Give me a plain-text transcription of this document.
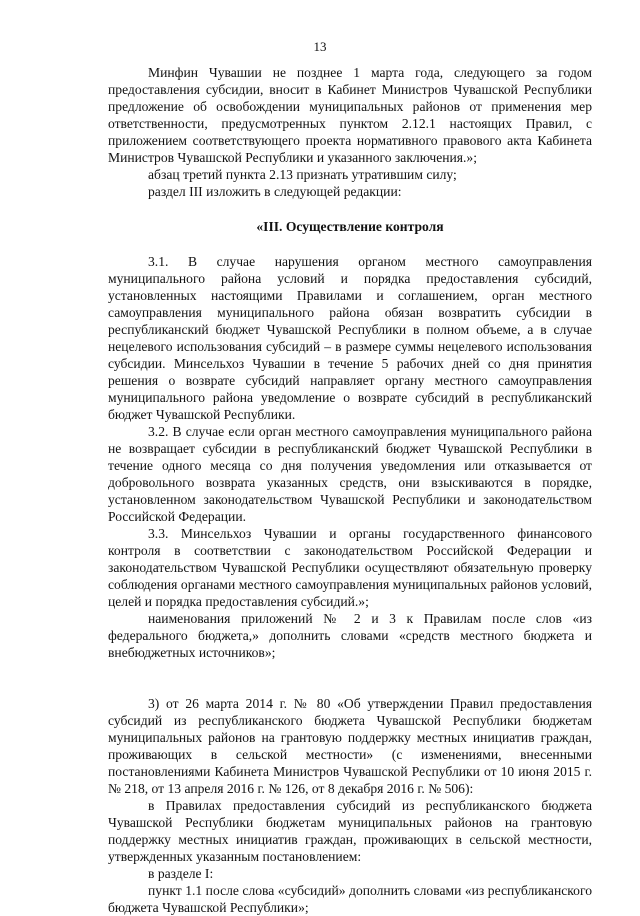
13

Минфин Чувашии не позднее 1 марта года, следующего за годом предоставления субсидии, вносит в Кабинет Министров Чувашской Республики предложение об освобождении муниципальных районов от применения мер ответственности, предусмотренных пунктом 2.12.1 настоящих Правил, с приложением соответствующего проекта нормативного правового акта Кабинета Министров Чувашской Республики и указанного заключения.»;

абзац третий пункта 2.13 признать утратившим силу;

раздел III изложить в следующей редакции:

«III. Осуществление контроля

3.1. В случае нарушения органом местного самоуправления муниципального района условий и порядка предоставления субсидий, установленных настоящими Правилами и соглашением, орган местного самоуправления муниципального района обязан возвратить субсидии в республиканский бюджет Чувашской Республики в полном объеме, а в случае нецелевого использования субсидий – в размере суммы нецелевого использования субсидии. Минсельхоз Чувашии в течение 5 рабочих дней со дня принятия решения о возврате субсидий направляет органу местного самоуправления муниципального района уведомление о возврате субсидий в республиканский бюджет Чувашской Республики.

3.2. В случае если орган местного самоуправления муниципального района не возвращает субсидии в республиканский бюджет Чувашской Республики в течение одного месяца со дня получения уведомления или отказывается от добровольного возврата указанных средств, они взыскиваются в порядке, установленном законодательством Чувашской Республики и законодательством Российской Федерации.

3.3. Минсельхоз Чувашии и органы государственного финансового контроля в соответствии с законодательством Российской Федерации и законодательством Чувашской Республики осуществляют обязательную проверку соблюдения органами местного самоуправления муниципальных районов условий, целей и порядка предоставления субсидий.»;

наименования приложений № 2 и 3 к Правилам после слов «из федерального бюджета,» дополнить словами «средств местного бюджета и внебюджетных источников»;

3) от 26 марта 2014 г. № 80 «Об утверждении Правил предоставления субсидий из республиканского бюджета Чувашской Республики бюджетам муниципальных районов на грантовую поддержку местных инициатив граждан, проживающих в сельской местности» (с изменениями, внесенными постановлениями Кабинета Министров Чувашской Республики от 10 июня 2015 г. № 218, от 13 апреля 2016 г. № 126, от 8 декабря 2016 г. № 506):

в Правилах предоставления субсидий из республиканского бюджета Чувашской Республики бюджетам муниципальных районов на грантовую поддержку местных инициатив граждан, проживающих в сельской местности, утвержденных указанным постановлением:

в разделе I:

пункт 1.1 после слова «субсидий» дополнить словами «из республиканского бюджета Чувашской Республики»;
